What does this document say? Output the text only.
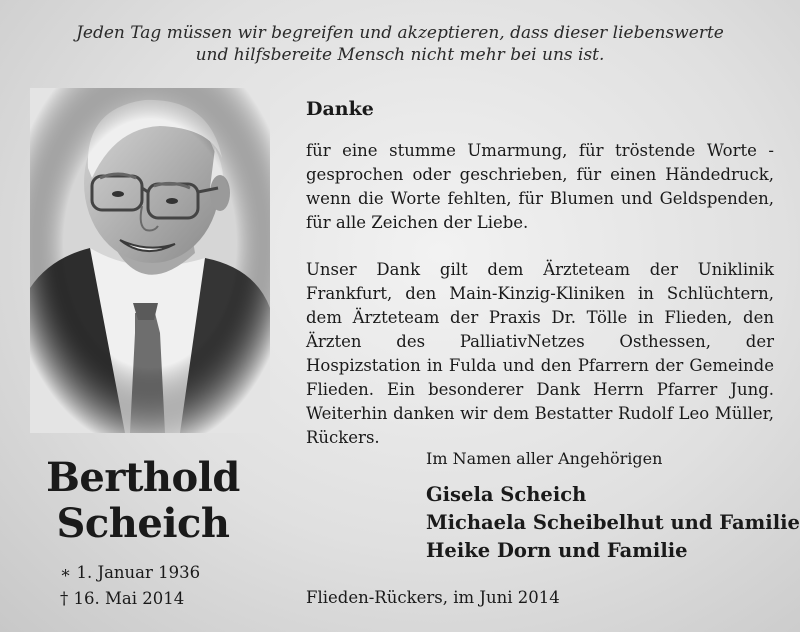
Jeden Tag müssen wir begreifen und akzeptieren, dass dieser liebenswerte
und hilfsbereite Mensch nicht mehr bei uns ist.
Danke
für eine stumme Umarmung, für tröstende Worte - gesprochen oder geschrieben, für einen Händedruck, wenn die Worte fehlten, für Blumen und Geldspenden, für alle Zeichen der Liebe.
Unser Dank gilt dem Ärzteteam der Uniklinik Frankfurt, den Main-Kinzig-Kliniken in Schlüchtern, dem Ärzteteam der Praxis Dr. Tölle in Flieden, den Ärzten des PalliativNetzes Osthessen, der Hospizstation in Fulda und den Pfarrern der Gemeinde Flieden. Ein besonderer Dank Herrn Pfarrer Jung. Weiterhin danken wir dem Bestatter Rudolf Leo Müller, Rückers.
Im Namen aller Angehörigen
Gisela Scheich
Michaela Scheibelhut und Familie
Heike Dorn und Familie
Flieden-Rückers, im Juni 2014
Berthold
Scheich
∗ 1. Januar 1936
† 16. Mai 2014
